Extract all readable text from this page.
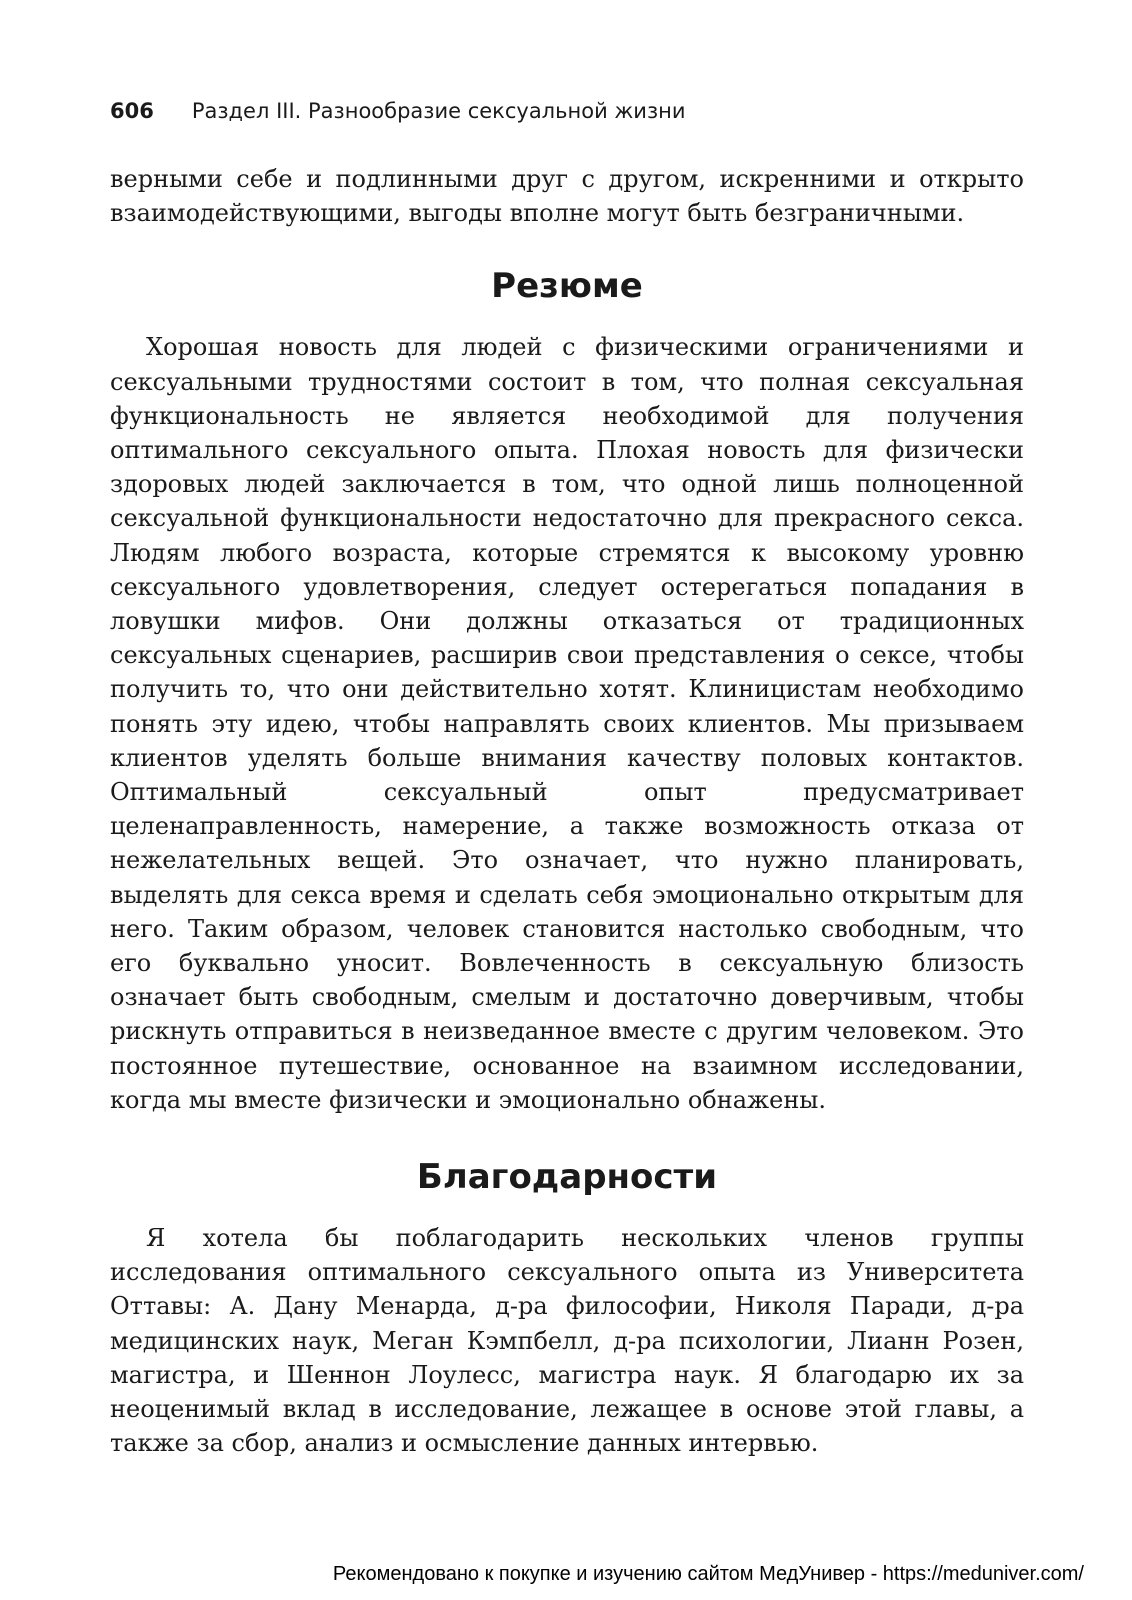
606 Раздел III. Разнообразие сексуальной жизни

верными себе и подлинными друг с другом, искренними и открыто взаимодействующими, выгоды вполне могут быть безграничными.

Резюме

Хорошая новость для людей с физическими ограничениями и сексуальными трудностями состоит в том, что полная сексуальная функциональность не является необходимой для получения оптимального сексуального опыта. Плохая новость для физически здоровых людей заключается в том, что одной лишь полноценной сексуальной функциональности недостаточно для прекрасного секса. Людям любого возраста, которые стремятся к высокому уровню сексуального удовлетворения, следует остерегаться попадания в ловушки мифов. Они должны отказаться от традиционных сексуальных сценариев, расширив свои представления о сексе, чтобы получить то, что они действительно хотят. Клиницистам необходимо понять эту идею, чтобы направлять своих клиентов. Мы призываем клиентов уделять больше внимания качеству половых контактов. Оптимальный сексуальный опыт предусматривает целенаправленность, намерение, а также возможность отказа от нежелательных вещей. Это означает, что нужно планировать, выделять для секса время и сделать себя эмоционально открытым для него. Таким образом, человек становится настолько свободным, что его буквально уносит. Вовлеченность в сексуальную близость означает быть свободным, смелым и достаточно доверчивым, чтобы рискнуть отправиться в неизведанное вместе с другим человеком. Это постоянное путешествие, основанное на взаимном исследовании, когда мы вместе физически и эмоционально обнажены.

Благодарности

Я хотела бы поблагодарить нескольких членов группы исследования оптимального сексуального опыта из Университета Оттавы: А. Дану Менарда, д-ра философии, Николя Паради, д-ра медицинских наук, Меган Кэмпбелл, д-ра психологии, Лианн Розен, магистра, и Шеннон Лоулесс, магистра наук. Я благодарю их за неоценимый вклад в исследование, лежащее в основе этой главы, а также за сбор, анализ и осмысление данных интервью.

Рекомендовано к покупке и изучению сайтом МедУнивер - https://meduniver.com/
